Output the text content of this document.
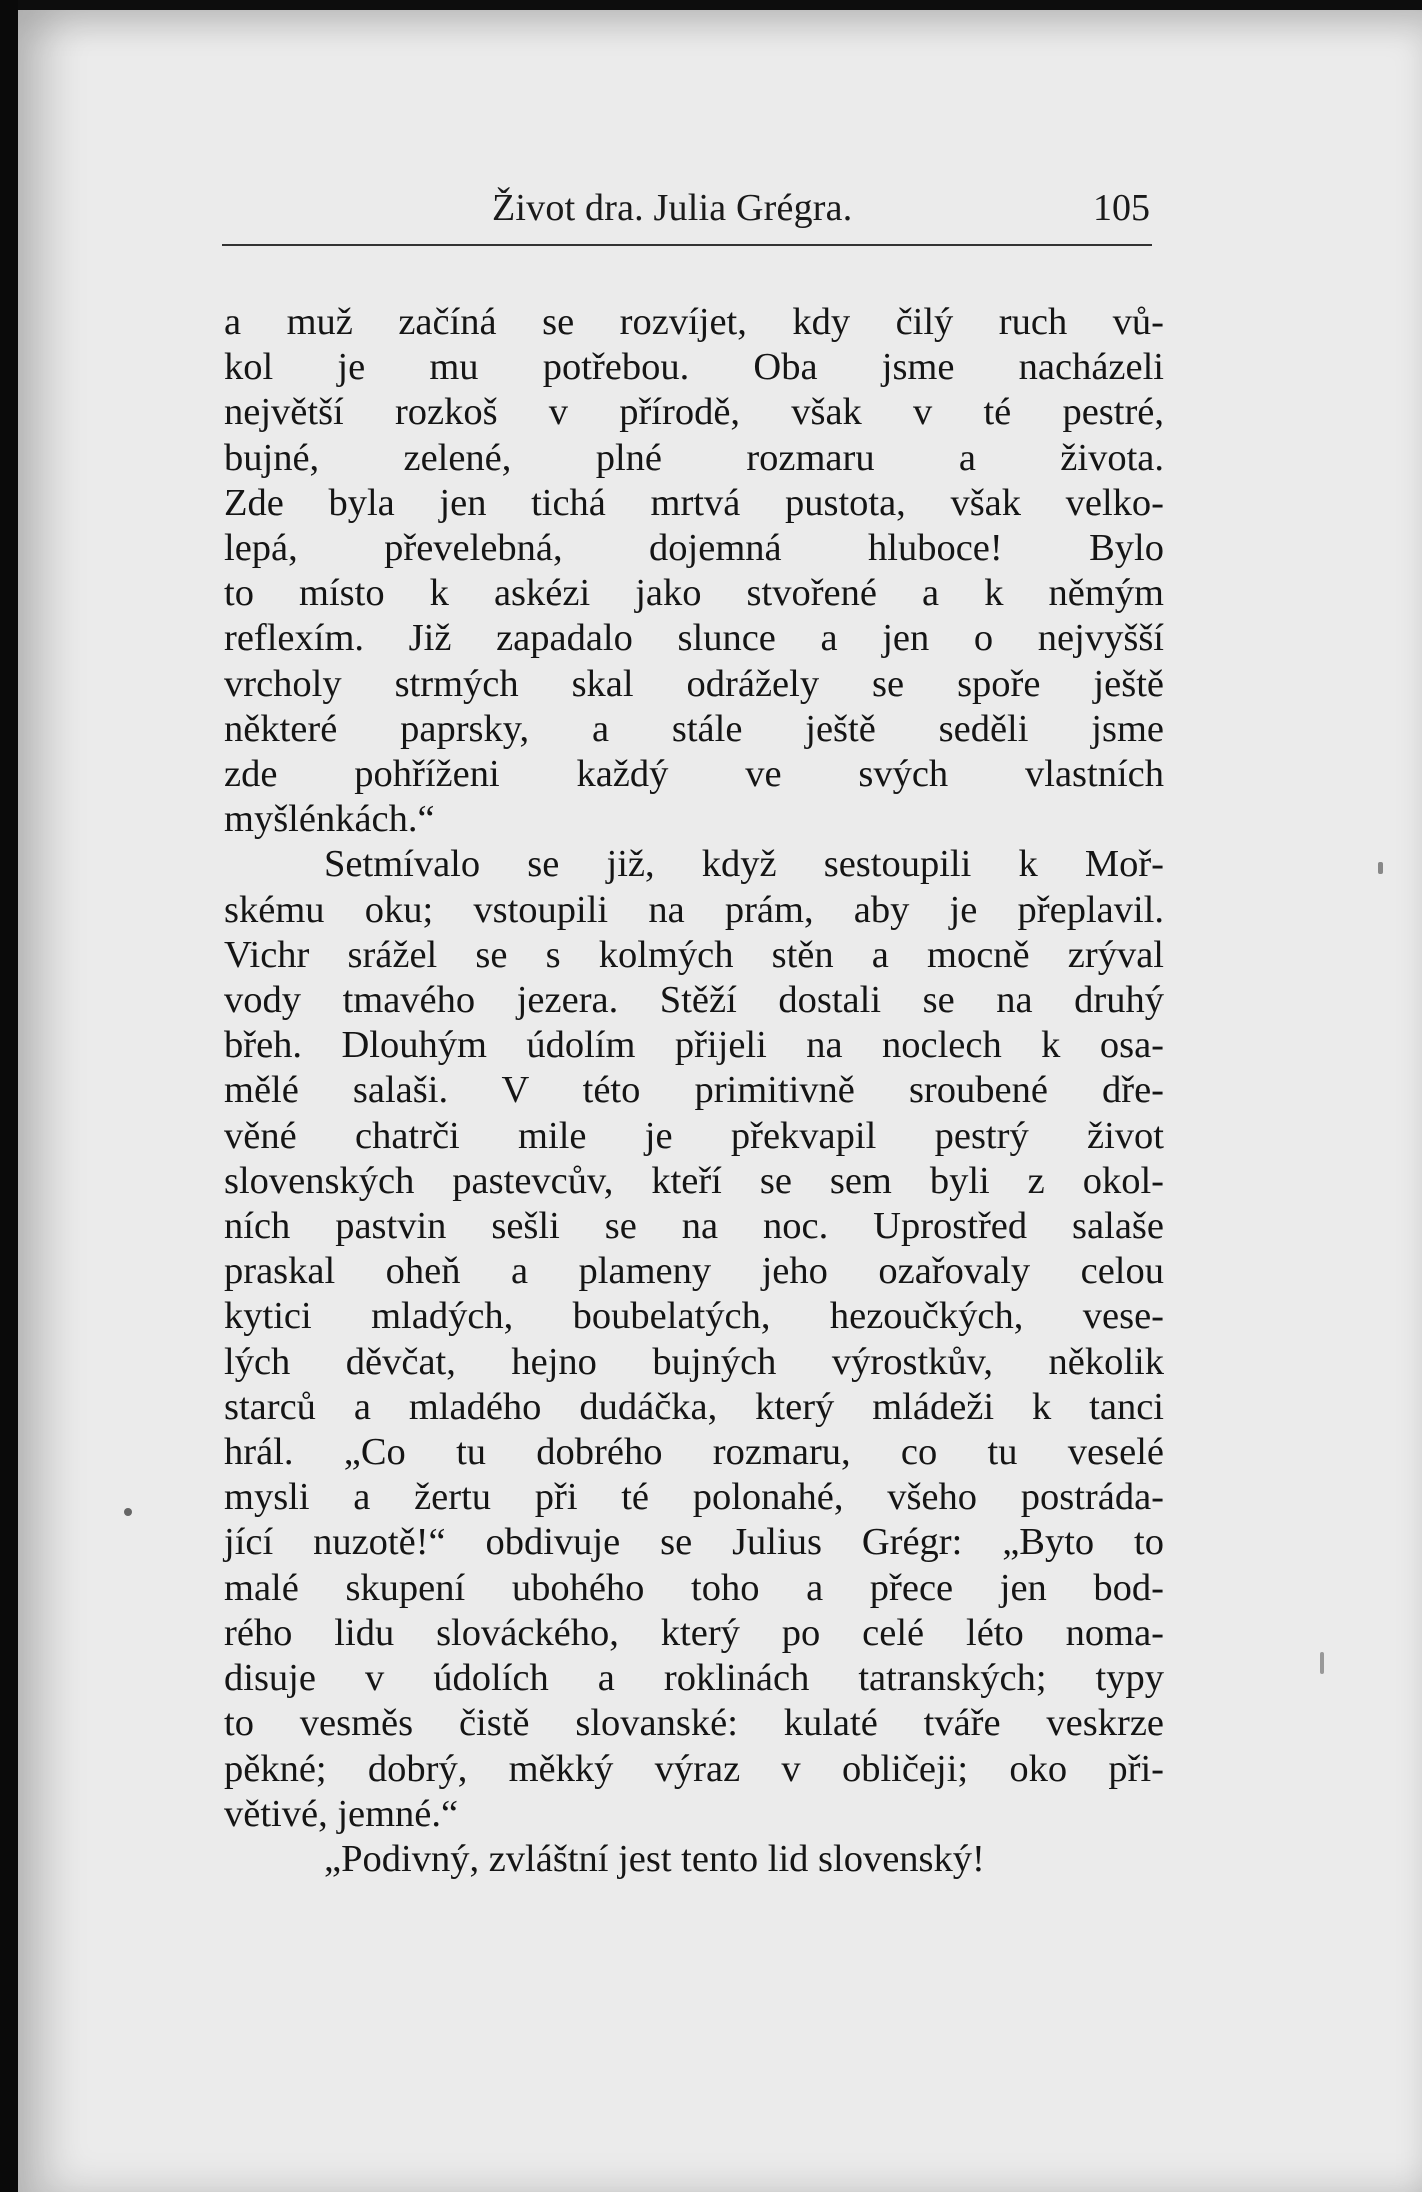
Život dra. Julia Grégra.	105
a muž začíná se rozvíjet, kdy čilý ruch vů-
kol je mu potřebou. Oba jsme nacházeli
největší rozkoš v přírodě, však v té pestré,
bujné, zelené, plné rozmaru a života.
Zde byla jen tichá mrtvá pustota, však velko-
lepá, převelebná, dojemná hluboce! Bylo
to místo k askézi jako stvořené a k němým
reflexím. Již zapadalo slunce a jen o nejvyšší
vrcholy strmých skal odrážely se spoře ještě
některé paprsky, a stále ještě seděli jsme
zde pohříženi každý ve svých vlastních
myšlénkách.“
Setmívalo se již, když sestoupili k Moř-
skému oku; vstoupili na prám, aby je přeplavil.
Vichr srážel se s kolmých stěn a mocně zrýval
vody tmavého jezera. Stěží dostali se na druhý
břeh. Dlouhým údolím přijeli na noclech k osa-
mělé salaši. V této primitivně sroubené dře-
věné chatrči mile je překvapil pestrý život
slovenských pastevcův, kteří se sem byli z okol-
ních pastvin sešli se na noc. Uprostřed salaše
praskal oheň a plameny jeho ozařovaly celou
kytici mladých, boubelatých, hezoučkých, vese-
lých děvčat, hejno bujných výrostkův, několik
starců a mladého dudáčka, který mládeži k tanci
hrál. „Co tu dobrého rozmaru, co tu veselé
mysli a žertu při té polonahé, všeho postráda-
jící nuzotě!“ obdivuje se Julius Grégr: „Byto to
malé skupení ubohého toho a přece jen bod-
rého lidu slováckého, který po celé léto noma-
disuje v údolích a roklinách tatranských; typy
to vesměs čistě slovanské: kulaté tváře veskrze
pěkné; dobrý, měkký výraz v obličeji; oko při-
větivé, jemné.“
„Podivný, zvláštní jest tento lid slovenský!
